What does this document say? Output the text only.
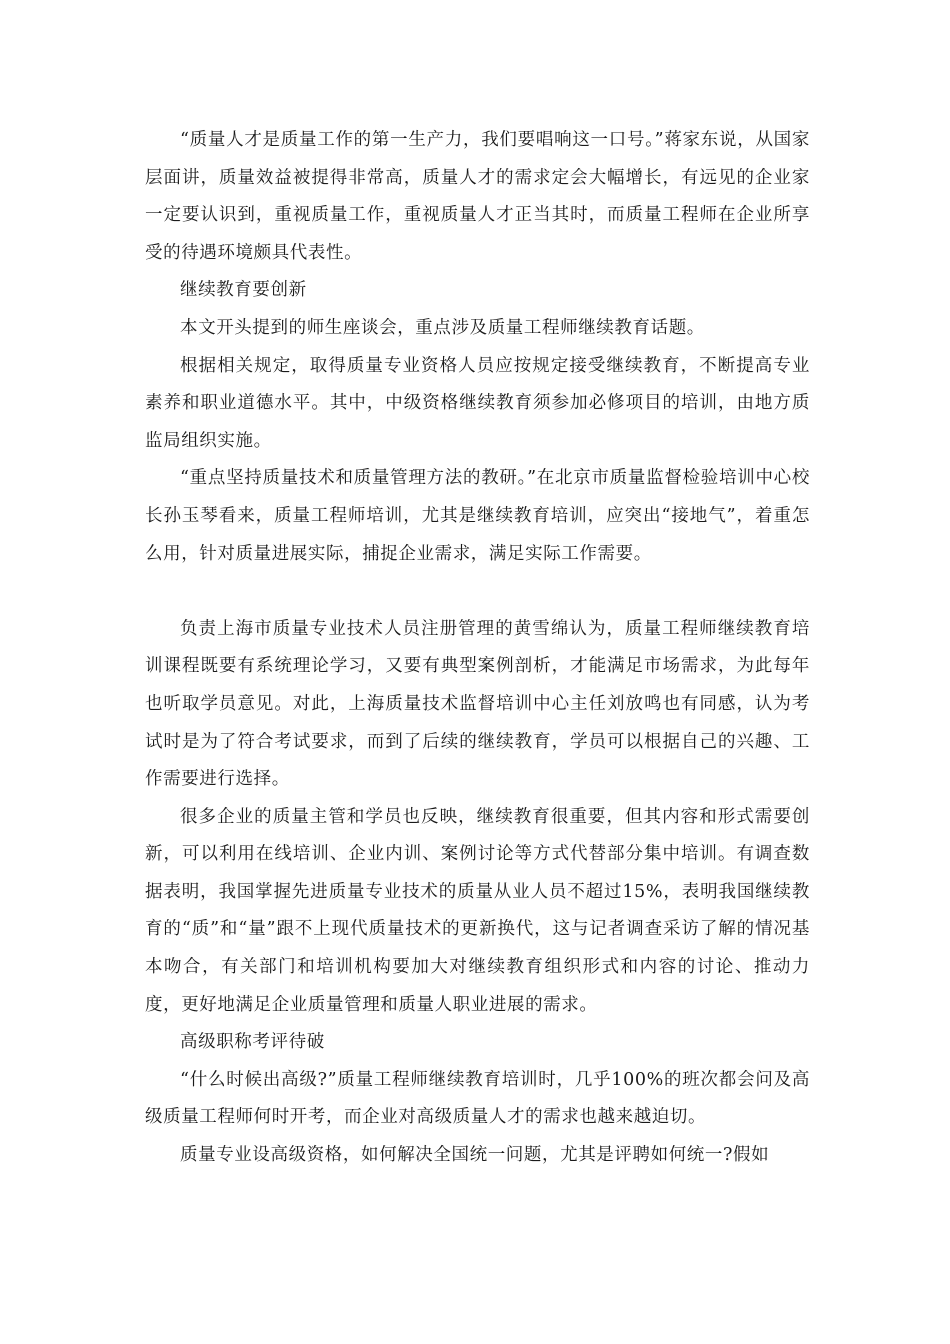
“质量人才是质量工作的第一生产力，我们要唱响这一口号。”蒋家东说，从国家层面讲，质量效益被提得非常高，质量人才的需求定会大幅增长，有远见的企业家一定要认识到，重视质量工作，重视质量人才正当其时，而质量工程师在企业所享受的待遇环境颇具代表性。

继续教育要创新

本文开头提到的师生座谈会，重点涉及质量工程师继续教育话题。

根据相关规定，取得质量专业资格人员应按规定接受继续教育，不断提高专业素养和职业道德水平。其中，中级资格继续教育须参加必修项目的培训，由地方质监局组织实施。

“重点坚持质量技术和质量管理方法的教研。”在北京市质量监督检验培训中心校长孙玉琴看来，质量工程师培训，尤其是继续教育培训，应突出“接地气”，着重怎么用，针对质量进展实际，捕捉企业需求，满足实际工作需要。

负责上海市质量专业技术人员注册管理的黄雪绵认为，质量工程师继续教育培训课程既要有系统理论学习，又要有典型案例剖析，才能满足市场需求，为此每年也听取学员意见。对此，上海质量技术监督培训中心主任刘放鸣也有同感，认为考试时是为了符合考试要求，而到了后续的继续教育，学员可以根据自己的兴趣、工作需要进行选择。

很多企业的质量主管和学员也反映，继续教育很重要，但其内容和形式需要创新，可以利用在线培训、企业内训、案例讨论等方式代替部分集中培训。有调查数据表明，我国掌握先进质量专业技术的质量从业人员不超过15%，表明我国继续教育的“质”和“量”跟不上现代质量技术的更新换代，这与记者调查采访了解的情况基本吻合，有关部门和培训机构要加大对继续教育组织形式和内容的讨论、推动力度，更好地满足企业质量管理和质量人职业进展的需求。

高级职称考评待破

“什么时候出高级?”质量工程师继续教育培训时，几乎100%的班次都会问及高级质量工程师何时开考，而企业对高级质量人才的需求也越来越迫切。

质量专业设高级资格，如何解决全国统一问题，尤其是评聘如何统一?假如
